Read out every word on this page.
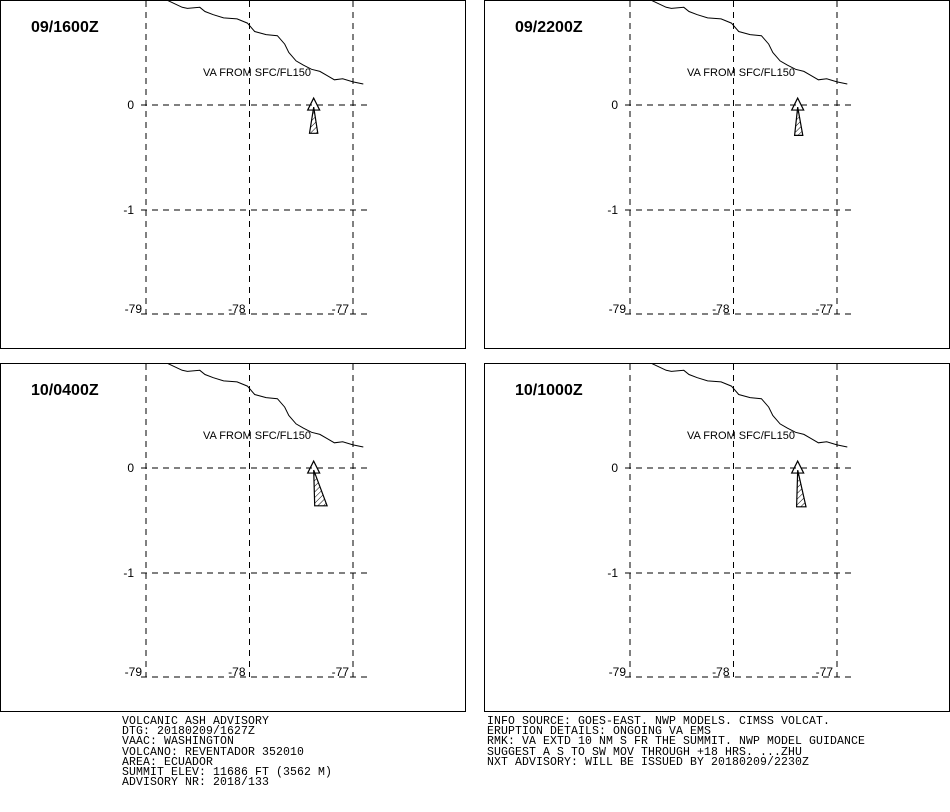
09/1600Z
-79	-78	-77
0
-1
VA FROM SFC/FL150
09/2200Z
-79	-78	-77
0
-1
VA FROM SFC/FL150
10/0400Z
-79	-78	-77
0
-1
VA FROM SFC/FL150
10/1000Z
-79	-78	-77
0
-1
VA FROM SFC/FL150
VOLCANIC ASH ADVISORY
DTG: 20180209/1627Z
VAAC: WASHINGTON
VOLCANO: REVENTADOR 352010
AREA: ECUADOR
SUMMIT ELEV: 11686 FT (3562 M)
ADVISORY NR: 2018/133
INFO SOURCE: GOES-EAST. NWP MODELS. CIMSS VOLCAT.
ERUPTION DETAILS: ONGOING VA EMS
RMK: VA EXTD 10 NM S FR THE SUMMIT. NWP MODEL GUIDANCE
SUGGEST A S TO SW MOV THROUGH +18 HRS. ...ZHU
NXT ADVISORY: WILL BE ISSUED BY 20180209/2230Z
